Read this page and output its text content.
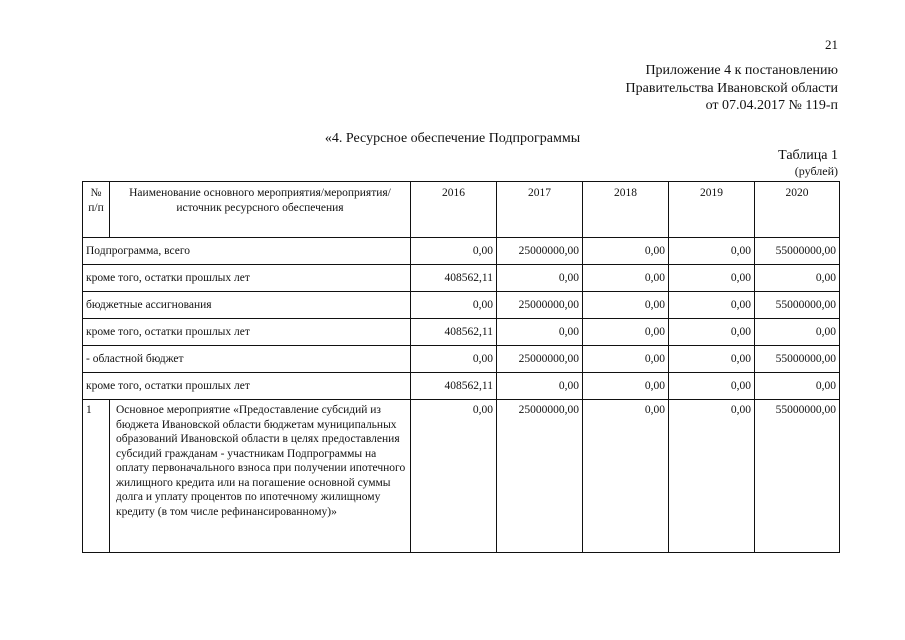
21
Приложение 4 к постановлению
Правительства Ивановской области
от 07.04.2017 № 119-п
«4. Ресурсное обеспечение Подпрограммы
Таблица 1
(рублей)
№ п/п	Наименование основного мероприятия/мероприятия/источник ресурсного обеспечения	2016	2017	2018	2019	2020
Подпрограмма, всего		0,00	25000000,00	0,00	0,00	55000000,00
кроме того, остатки прошлых лет		408562,11	0,00	0,00	0,00	0,00
бюджетные ассигнования		0,00	25000000,00	0,00	0,00	55000000,00
кроме того, остатки прошлых лет		408562,11	0,00	0,00	0,00	0,00
- областной бюджет		0,00	25000000,00	0,00	0,00	55000000,00
кроме того, остатки прошлых лет		408562,11	0,00	0,00	0,00	0,00
1	Основное мероприятие «Предоставление субсидий из бюджета Ивановской области бюджетам муниципальных образований Ивановской области в целях предоставления субсидий гражданам - участникам Подпрограммы на оплату первоначального взноса при получении ипотечного жилищного кредита или на погашение основной суммы долга и уплату процентов по ипотечному жилищному кредиту (в том числе рефинансированному)»	0,00	25000000,00	0,00	0,00	55000000,00
